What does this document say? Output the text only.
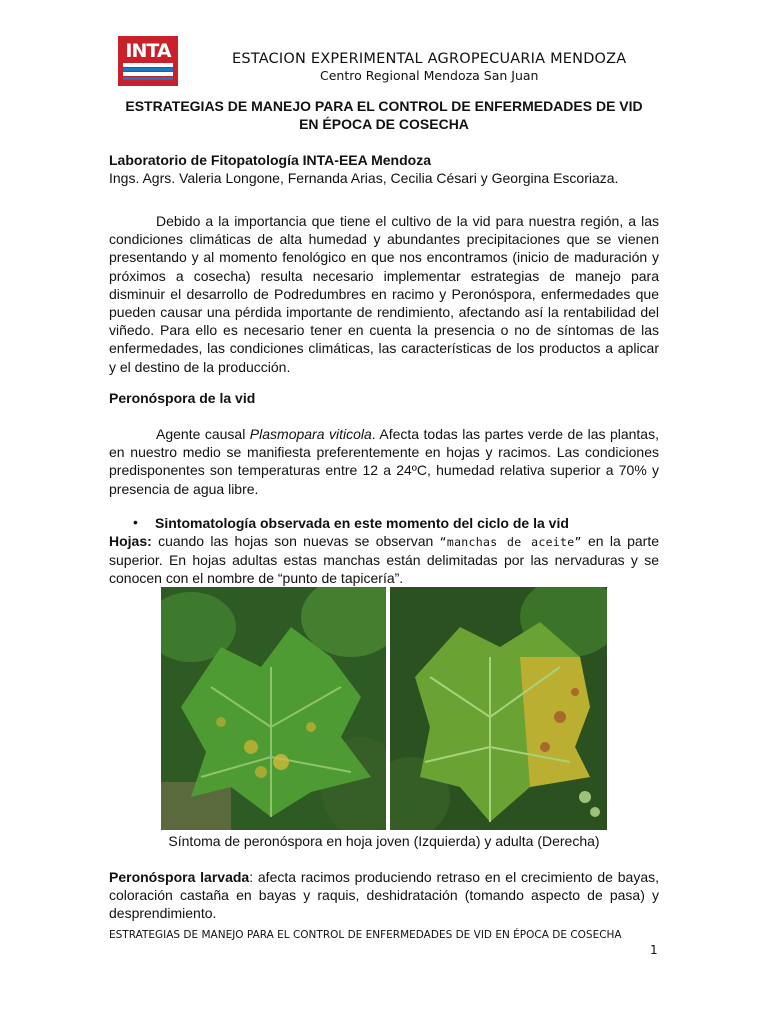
INTA	ESTACION EXPERIMENTAL AGROPECUARIA MENDOZA
Centro Regional Mendoza San Juan
ESTRATEGIAS DE MANEJO PARA EL CONTROL DE ENFERMEDADES DE VID
EN ÉPOCA DE COSECHA
Laboratorio de Fitopatología INTA-EEA Mendoza
Ings. Agrs. Valeria Longone, Fernanda Arias, Cecilia Césari y Georgina Escoriaza.
Debido a la importancia que tiene el cultivo de la vid para nuestra región, a las condiciones climáticas de alta humedad y abundantes precipitaciones que se vienen presentando y al momento fenológico en que nos encontramos (inicio de maduración y próximos a cosecha) resulta necesario implementar estrategias de manejo para disminuir el desarrollo de Podredumbres en racimo y Peronóspora, enfermedades que pueden causar una pérdida importante de rendimiento, afectando así la rentabilidad del viñedo. Para ello es necesario tener en cuenta la presencia o no de síntomas de las enfermedades, las condiciones climáticas, las características de los productos a aplicar y el destino de la producción.
Peronóspora de la vid
Agente causal Plasmopara viticola. Afecta todas las partes verde de las plantas, en nuestro medio se manifiesta preferentemente en hojas y racimos. Las condiciones predisponentes son temperaturas entre 12 a 24ºC, humedad relativa superior a 70% y presencia de agua libre.
• Sintomatología observada en este momento del ciclo de la vid
Hojas: cuando las hojas son nuevas se observan “manchas de aceite” en la parte superior. En hojas adultas estas manchas están delimitadas por las nervaduras y se conocen con el nombre de “punto de tapicería”.
Síntoma de peronóspora en hoja joven (Izquierda) y adulta (Derecha)
Peronóspora larvada: afecta racimos produciendo retraso en el crecimiento de bayas, coloración castaña en bayas y raquis, deshidratación (tomando aspecto de pasa) y desprendimiento.
ESTRATEGIAS DE MANEJO PARA EL CONTROL DE ENFERMEDADES DE VID EN ÉPOCA DE COSECHA
1
